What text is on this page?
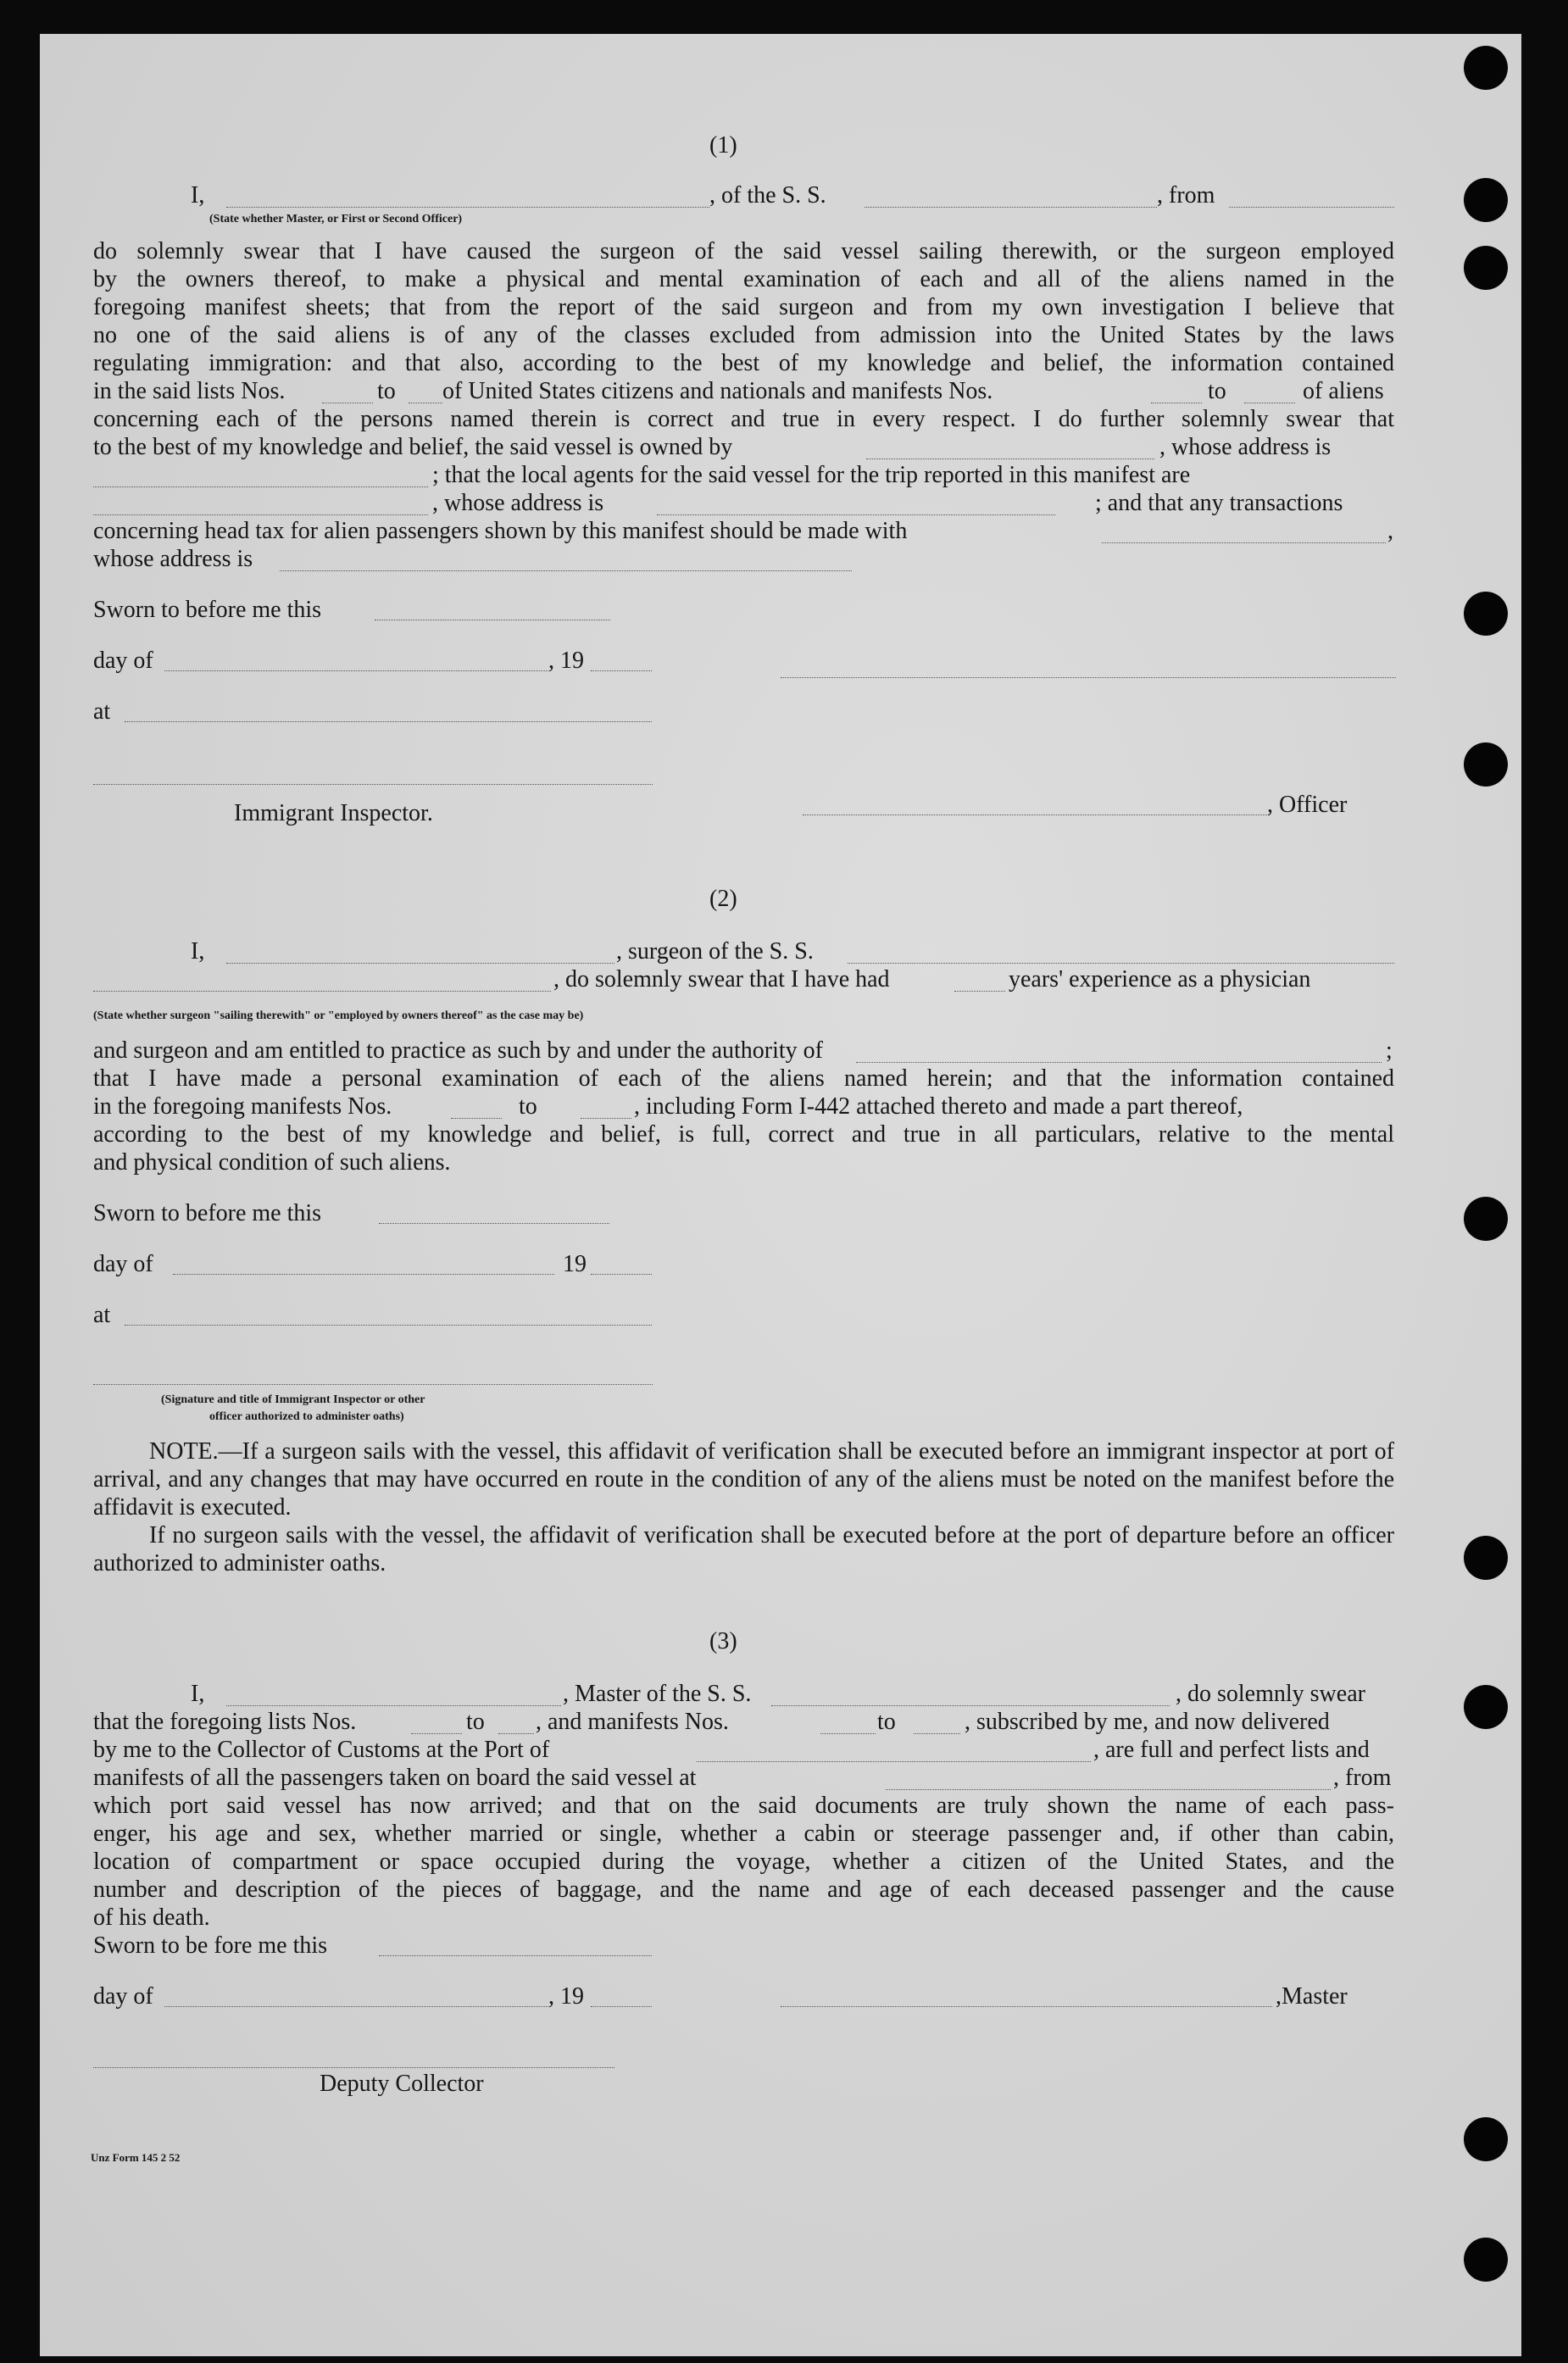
(1)
I,	, of the S. S.	, from
(State whether Master, or First or Second Officer)
do solemnly swear that I have caused the surgeon of the said vessel sailing therewith, or the surgeon employed
by the owners thereof, to make a physical and mental examination of each and all of the aliens named in the
foregoing manifest sheets; that from the report of the said surgeon and from my own investigation I believe that
no one of the said aliens is of any of the classes excluded from admission into the United States by the laws
regulating immigration: and that also, according to the best of my knowledge and belief, the information contained
in the said lists Nos.	to of United States citizens and nationals and manifests Nos.	to	of aliens
concerning each of the persons named therein is correct and true in every respect. I do further solemnly swear that
to the best of my knowledge and belief, the said vessel is owned by	, whose address is
; that the local agents for the said vessel for the trip reported in this manifest are
, whose address is	; and that any transactions
concerning head tax for alien passengers shown by this manifest should be made with	,
whose address is
Sworn to before me this
day of	, 19
at
Immigrant Inspector.	, Officer
(2)
I,	, surgeon of the S. S.
, do solemnly swear that I have had	years' experience as a physician
(State whether surgeon "sailing therewith" or "employed by owners thereof" as the case may be)
and surgeon and am entitled to practice as such by and under the authority of	;
that I have made a personal examination of each of the aliens named herein; and that the information contained
in the foregoing manifests Nos.	to	, including Form I-442 attached thereto and made a part thereof,
according to the best of my knowledge and belief, is full, correct and true in all particulars, relative to the mental
and physical condition of such aliens.
Sworn to before me this
day of	19
at
(Signature and title of Immigrant Inspector or other
officer authorized to administer oaths)
NOTE.—If a surgeon sails with the vessel, this affidavit of verification shall be executed before an immigrant inspector at port of arrival, and any changes that may have occurred en route in the condition of any of the aliens must be noted on the manifest before the affidavit is executed.
If no surgeon sails with the vessel, the affidavit of verification shall be executed before at the port of departure before an officer authorized to administer oaths.
(3)
I,	, Master of the S. S.	, do solemnly swear
that the foregoing lists Nos.	to , and manifests Nos.	to	, subscribed by me, and now delivered
by me to the Collector of Customs at the Port of	, are full and perfect lists and
manifests of all the passengers taken on board the said vessel at	, from
which port said vessel has now arrived; and that on the said documents are truly shown the name of each pass-
enger, his age and sex, whether married or single, whether a cabin or steerage passenger and, if other than cabin,
location of compartment or space occupied during the voyage, whether a citizen of the United States, and the
number and description of the pieces of baggage, and the name and age of each deceased passenger and the cause
of his death.
Sworn to be fore me this
day of	, 19	,Master
Deputy Collector
Unz Form 145 2 52
